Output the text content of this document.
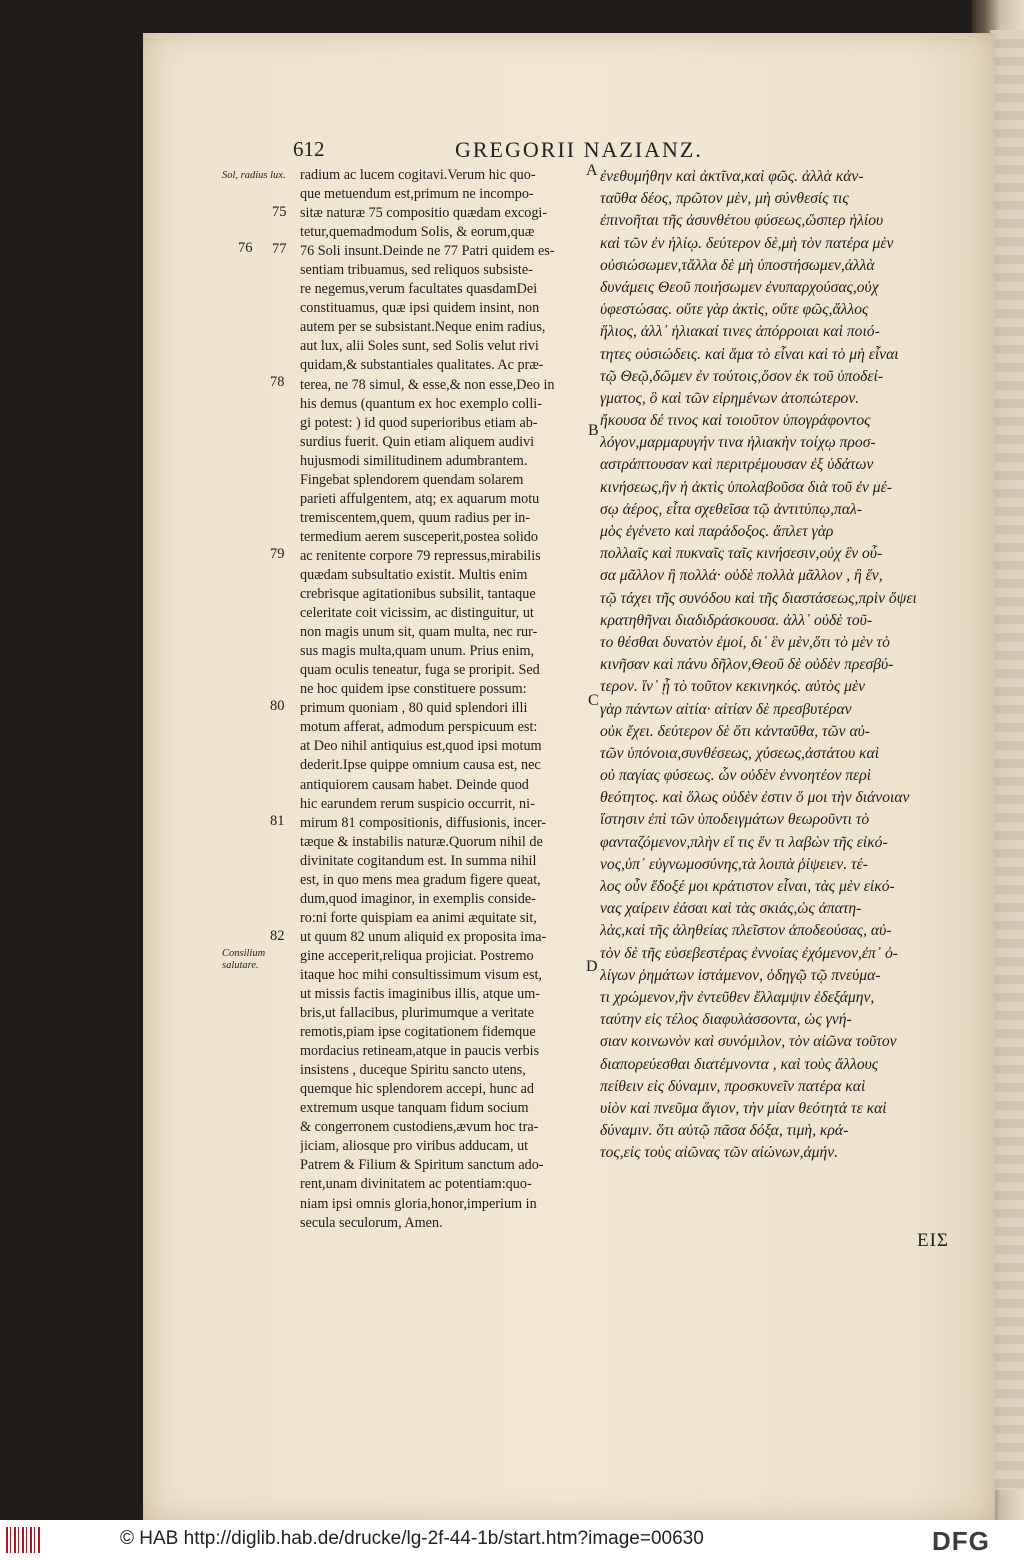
612	GREGORII NAZIANZ.
Sol, radius lux.
Consilium salutare.
75
76 77
78
79
80
81
82
A
B
C
D
radium ac lucem cogitavi.Verum hic quo-
que metuendum est,primum ne incompo-
sitæ naturæ 75 compositio quædam excogi-
tetur,quemadmodum Solis, & eorum,quæ
76 Soli insunt.Deinde ne 77 Patri quidem es-
sentiam tribuamus, sed reliquos subsiste-
re negemus,verum facultates quasdamDei
constituamus, quæ ipsi quidem insint, non
autem per se subsistant.Neque enim radius,
aut lux, alii Soles sunt, sed Solis velut rivi
quidam,& substantiales qualitates. Ac præ-
terea, ne 78 simul, & esse,& non esse,Deo in
his demus (quantum ex hoc exemplo colli-
gi potest: ) id quod superioribus etiam ab-
surdius fuerit. Quin etiam aliquem audivi
hujusmodi similitudinem adumbrantem.
Fingebat splendorem quendam solarem
parieti affulgentem, atq; ex aquarum motu
tremiscentem,quem, quum radius per in-
termedium aerem susceperit,postea solido
ac renitente corpore 79 repressus,mirabilis
quædam subsultatio existit. Multis enim
crebrisque agitationibus subsilit, tantaque
celeritate coit vicissim, ac distinguitur, ut
non magis unum sit, quam multa, nec rur-
sus magis multa,quam unum. Prius enim,
quam oculis teneatur, fuga se proripit. Sed
ne hoc quidem ipse constituere possum:
primum quoniam , 80 quid splendori illi
motum afferat, admodum perspicuum est:
at Deo nihil antiquius est,quod ipsi motum
dederit.Ipse quippe omnium causa est, nec
antiquiorem causam habet. Deinde quod
hic earundem rerum suspicio occurrit, ni-
mirum 81 compositionis, diffusionis, incer-
tæque & instabilis naturæ.Quorum nihil de
divinitate cogitandum est. In summa nihil
est, in quo mens mea gradum figere queat,
dum,quod imaginor, in exemplis conside-
ro:ni forte quispiam ea animi æquitate sit,
ut quum 82 unum aliquid ex proposita ima-
gine acceperit,reliqua projiciat. Postremo
itaque hoc mihi consultissimum visum est,
ut missis factis imaginibus illis, atque um-
bris,ut fallacibus, plurimumque a veritate
remotis,piam ipse cogitationem fidemque
mordacius retineam,atque in paucis verbis
insistens , duceque Spiritu sancto utens,
quemque hic splendorem accepi, hunc ad
extremum usque tanquam fidum socium
& congerronem custodiens,ævum hoc tra-
jiciam, aliosque pro viribus adducam, ut
Patrem & Filium & Spiritum sanctum ado-
rent,unam divinitatem ac potentiam:quo-
niam ipsi omnis gloria,honor,imperium in
secula seculorum, Amen.
ἐνεθυμήθην καὶ ἀκτῖνα,καὶ φῶς. ἀλλὰ κἀν-
ταῦθα δέος, πρῶτον μὲν, μὴ σύνθεσίς τις
ἐπινοῆται τῆς ἀσυνθέτου φύσεως,ὥσπερ ἡλίου
καὶ τῶν ἐν ἡλίῳ. δεύτερον δὲ,μὴ τὸν πατέρα μὲν
οὐσιώσωμεν,τἄλλα δὲ μὴ ὑποστήσωμεν,ἀλλὰ
δυνάμεις Θεοῦ ποιήσωμεν ἐνυπαρχούσας,οὐχ
ὑφεστώσας. οὔτε γὰρ ἀκτὶς, οὔτε φῶς,ἄλλος
ἥλιος, ἀλλ᾽ ἡλιακαί τινες ἀπόρροιαι καὶ ποιό-
τητες οὐσιώδεις. καὶ ἅμα τὸ εἶναι καὶ τὸ μὴ εἶναι
τῷ Θεῷ,δῶμεν ἐν τούτοις,ὅσον ἐκ τοῦ ὑποδεί-
γματος, ὃ καὶ τῶν εἰρημένων ἀτοπώτερον.
ἤκουσα δέ τινος καὶ τοιοῦτον ὑπογράφοντος
λόγον,μαρμαρυγήν τινα ἡλιακὴν τοίχῳ προσ-
αστράπτουσαν καὶ περιτρέμουσαν ἐξ ὑδάτων
κινήσεως,ἣν ἡ ἀκτὶς ὑπολαβοῦσα διὰ τοῦ ἐν μέ-
σῳ ἀέρος, εἶτα σχεθεῖσα τῷ ἀντιτύπῳ,παλ-
μὸς ἐγένετο καὶ παράδοξος. ἄπλετ γὰρ
πολλαῖς καὶ πυκναῖς ταῖς κινήσεσιν,οὐχ ἓν οὖ-
σα μᾶλλον ἢ πολλά· οὐδὲ πολλὰ μᾶλλον , ἢ ἕν,
τῷ τάχει τῆς συνόδου καὶ τῆς διαστάσεως,πρὶν ὄψει
κρατηθῆναι διαδιδράσκουσα. ἀλλ᾽ οὐδὲ τοῦ-
το θέσθαι δυνατὸν ἐμοί, δι᾽ ἓν μὲν,ὅτι τὸ μὲν τὸ
κινῆσαν καὶ πάνυ δῆλον,Θεοῦ δὲ οὐδὲν πρεσβύ-
τερον. ἵν᾽ ᾖ τὸ τοῦτον κεκινηκός. αὐτὸς μὲν
γὰρ πάντων αἰτία· αἰτίαν δὲ πρεσβυτέραν
οὐκ ἔχει. δεύτερον δὲ ὅτι κἀνταῦθα, τῶν αὐ-
τῶν ὑπόνοια,συνθέσεως, χύσεως,ἀστάτου καὶ
οὐ παγίας φύσεως. ὧν οὐδὲν ἐννοητέον περὶ
θεότητος. καὶ ὅλως οὐδὲν ἐστιν ὅ μοι τὴν διάνοιαν
ἵστησιν ἐπὶ τῶν ὑποδειγμάτων θεωροῦντι τὸ
φανταζόμενον,πλὴν εἴ τις ἕν τι λαβὼν τῆς εἰκό-
νος,ὑπ᾽ εὐγνωμοσύνης,τὰ λοιπὰ ῥίψειεν. τέ-
λος οὖν ἔδοξέ μοι κράτιστον εἶναι, τὰς μὲν εἰκό-
νας χαίρειν ἐάσαι καὶ τὰς σκιάς,ὡς ἀπατη-
λὰς,καὶ τῆς ἀληθείας πλεῖστον ἀποδεούσας, αὐ-
τὸν δὲ τῆς εὐσεβεστέρας ἐννοίας ἐχόμενον,ἐπ᾽ ὀ-
λίγων ῥημάτων ἱστάμενον, ὁδηγῷ τῷ πνεύμα-
τι χρώμενον,ἣν ἐντεῦθεν ἔλλαμψιν ἐδεξάμην,
ταύτην εἰς τέλος διαφυλάσσοντα, ὡς γνή-
σιαν κοινωνὸν καὶ συνόμιλον, τὸν αἰῶνα τοῦτον
διαπορεύεσθαι διατέμνοντα , καὶ τοὺς ἄλλους
πείθειν εἰς δύναμιν, προσκυνεῖν πατέρα καὶ
υἱὸν καὶ πνεῦμα ἅγιον, τὴν μίαν θεότητά τε καὶ
δύναμιν. ὅτι αὐτῷ πᾶσα δόξα, τιμὴ, κρά-
τος,εἰς τοὺς αἰῶνας τῶν αἰώνων,ἀμήν.
ΕΙΣ
© HAB http://diglib.hab.de/drucke/lg-2f-44-1b/start.htm?image=00630	DFG
